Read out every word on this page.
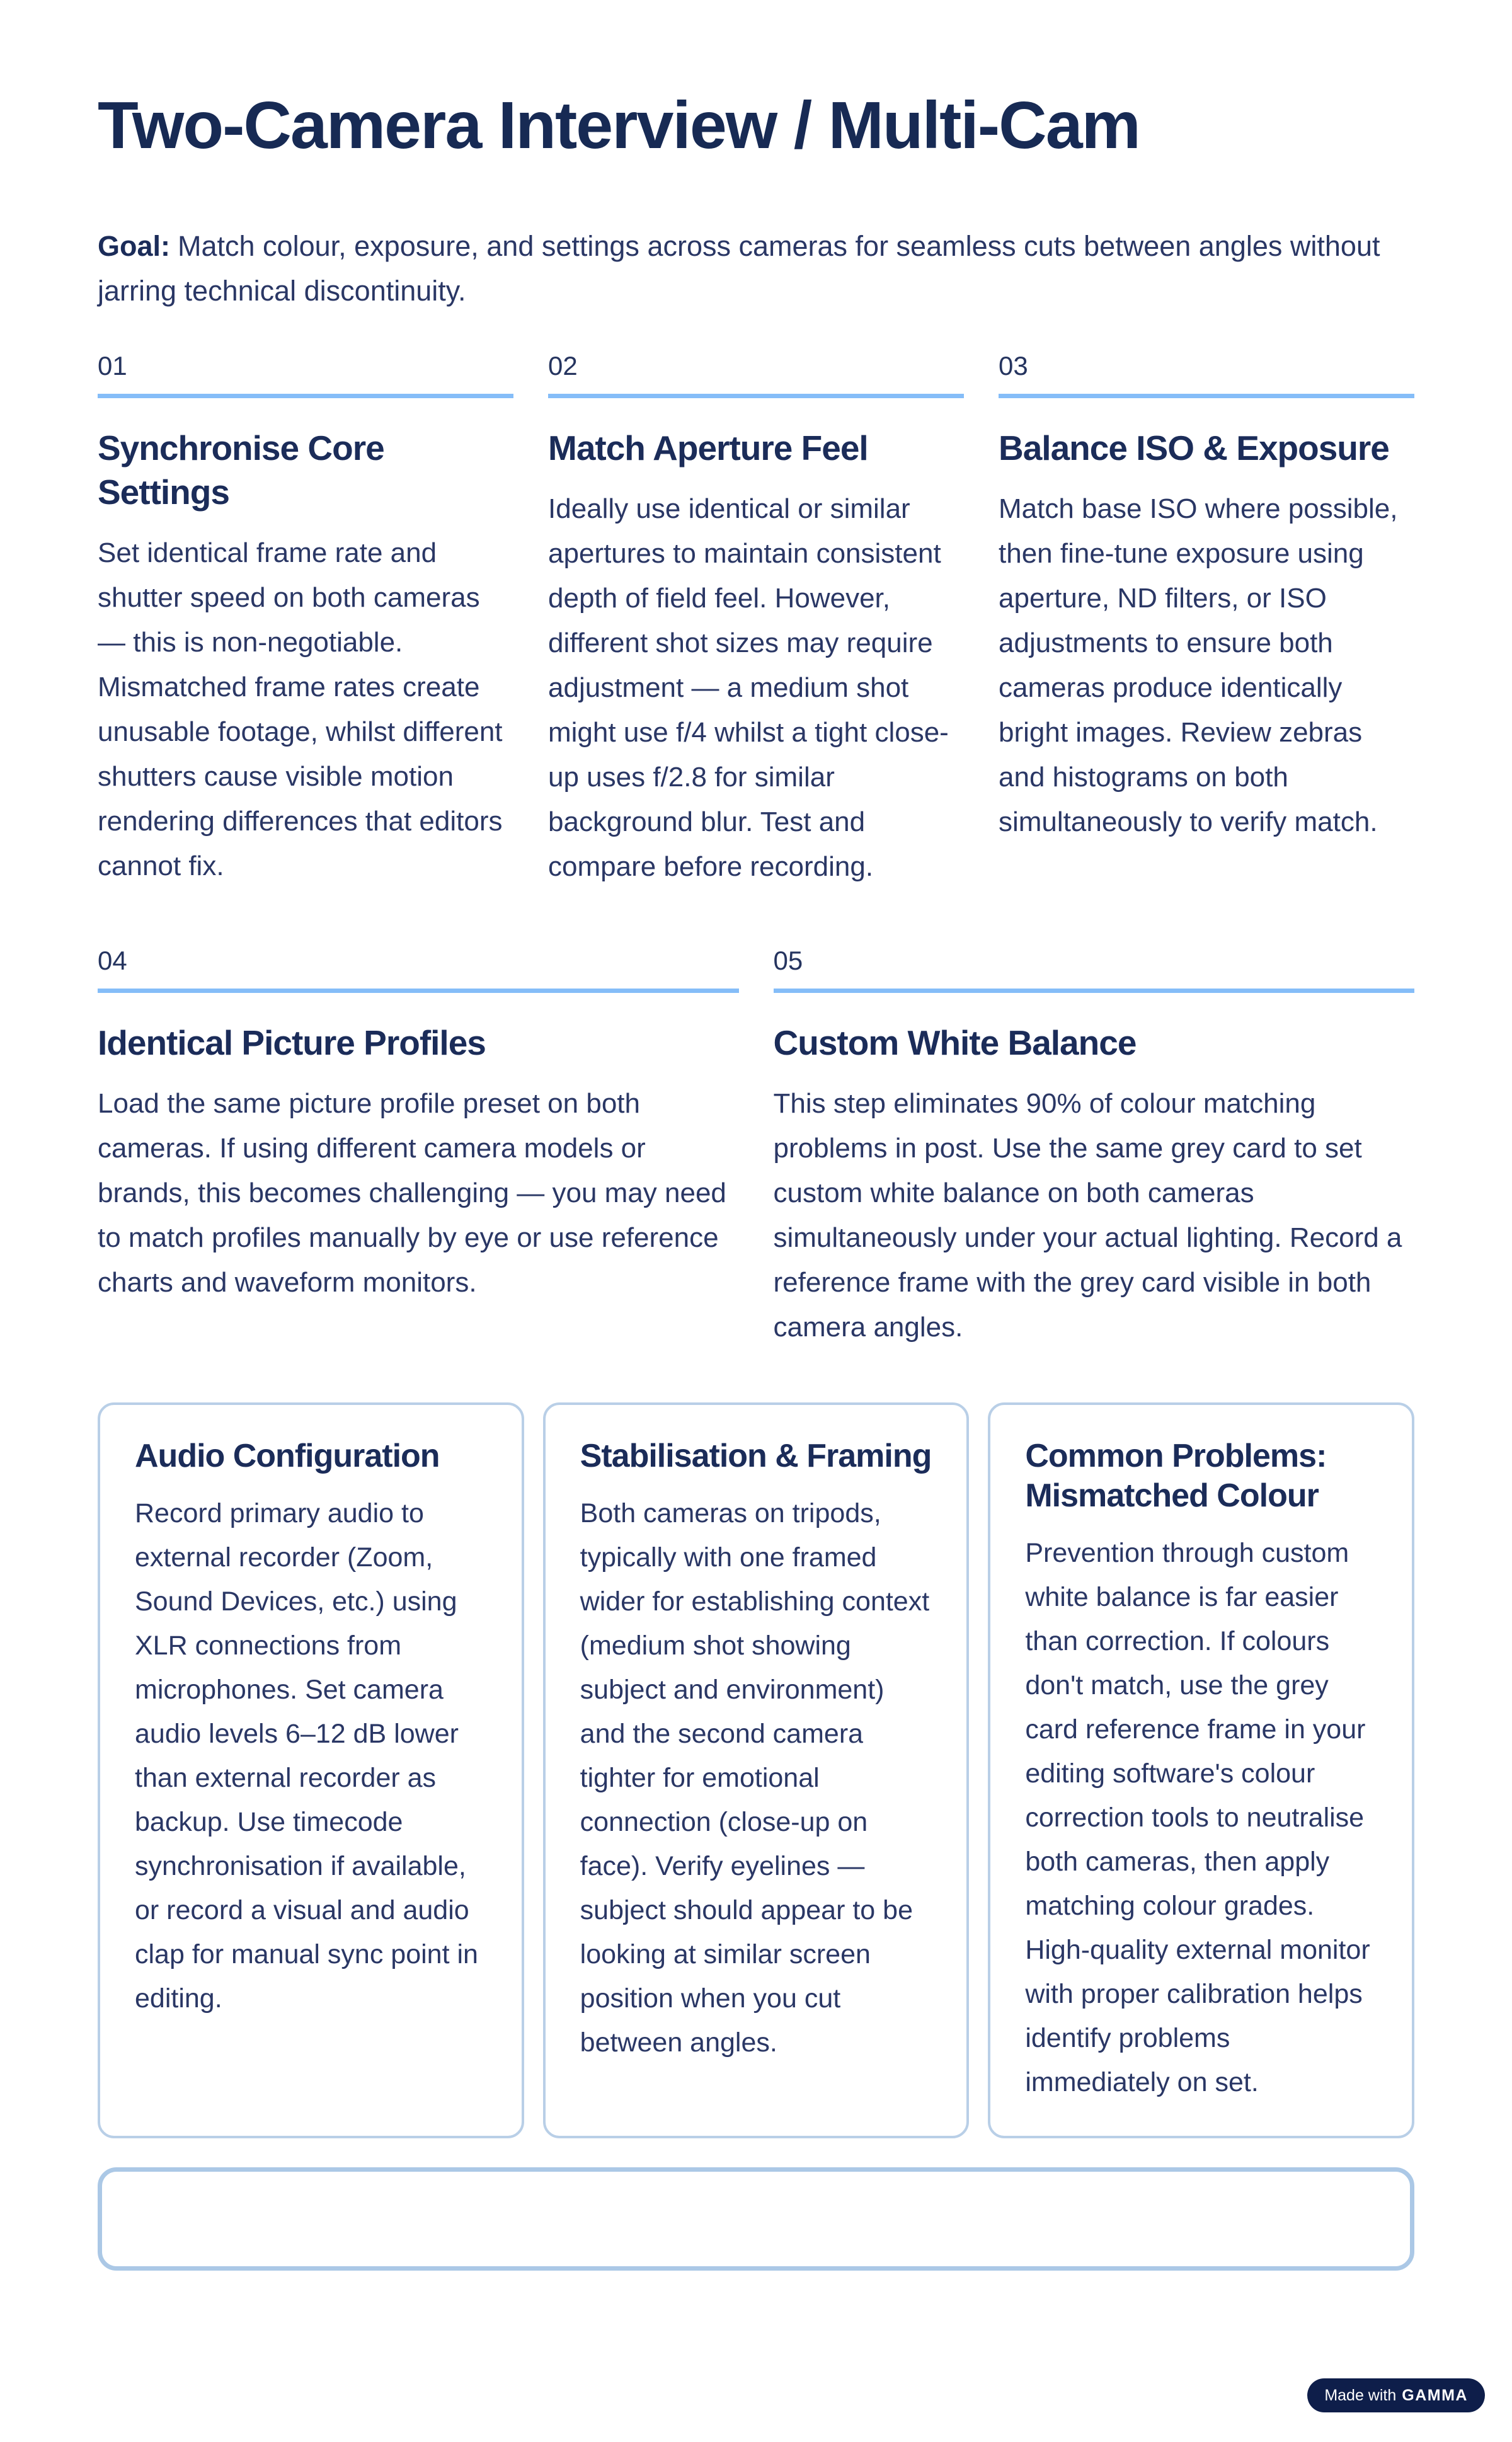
Two-Camera Interview / Multi-Cam

Goal: Match colour, exposure, and settings across cameras for seamless cuts between angles without jarring technical discontinuity.

01
Synchronise Core Settings

Set identical frame rate and shutter speed on both cameras — this is non-negotiable. Mismatched frame rates create unusable footage, whilst different shutters cause visible motion rendering differences that editors cannot fix.

02
Match Aperture Feel

Ideally use identical or similar apertures to maintain consistent depth of field feel. However, different shot sizes may require adjustment — a medium shot might use f/4 whilst a tight close-up uses f/2.8 for similar background blur. Test and compare before recording.

03
Balance ISO & Exposure

Match base ISO where possible, then fine-tune exposure using aperture, ND filters, or ISO adjustments to ensure both cameras produce identically bright images. Review zebras and histograms on both simultaneously to verify match.

04
Identical Picture Profiles

Load the same picture profile preset on both cameras. If using different camera models or brands, this becomes challenging — you may need to match profiles manually by eye or use reference charts and waveform monitors.

05
Custom White Balance

This step eliminates 90% of colour matching problems in post. Use the same grey card to set custom white balance on both cameras simultaneously under your actual lighting. Record a reference frame with the grey card visible in both camera angles.

Audio Configuration

Record primary audio to external recorder (Zoom, Sound Devices, etc.) using XLR connections from microphones. Set camera audio levels 6–12 dB lower than external recorder as backup. Use timecode synchronisation if available, or record a visual and audio clap for manual sync point in editing.

Stabilisation & Framing

Both cameras on tripods, typically with one framed wider for establishing context (medium shot showing subject and environment) and the second camera tighter for emotional connection (close-up on face). Verify eyelines — subject should appear to be looking at similar screen position when you cut between angles.

Common Problems: Mismatched Colour

Prevention through custom white balance is far easier than correction. If colours don't match, use the grey card reference frame in your editing software's colour correction tools to neutralise both cameras, then apply matching colour grades. High-quality external monitor with proper calibration helps identify problems immediately on set.

Made with GAMMA
